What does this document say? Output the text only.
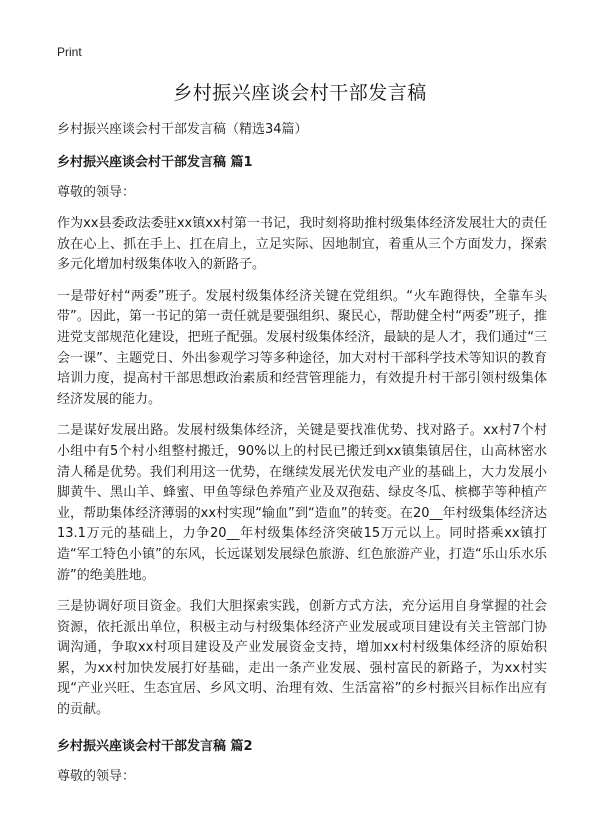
Print
乡村振兴座谈会村干部发言稿

乡村振兴座谈会村干部发言稿（精选34篇）

乡村振兴座谈会村干部发言稿 篇1

尊敬的领导：

作为xx县委政法委驻xx镇xx村第一书记，我时刻将助推村级集体经济发展壮大的责任放在心上、抓在手上、扛在肩上，立足实际、因地制宜，着重从三个方面发力，探索多元化增加村级集体收入的新路子。

一是带好村“两委”班子。发展村级集体经济关键在党组织。“火车跑得快，全靠车头带”。因此，第一书记的第一责任就是要强组织、聚民心，帮助健全村“两委”班子，推进党支部规范化建设，把班子配强。发展村级集体经济，最缺的是人才，我们通过“三会一课”、主题党日、外出参观学习等多种途径，加大对村干部科学技术等知识的教育培训力度，提高村干部思想政治素质和经营管理能力，有效提升村干部引领村级集体经济发展的能力。

二是谋好发展出路。发展村级集体经济，关键是要找准优势、找对路子。xx村7个村小组中有5个村小组整村搬迁，90%以上的村民已搬迁到xx镇集镇居住，山高林密水清人稀是优势。我们利用这一优势，在继续发展光伏发电产业的基础上，大力发展小脚黄牛、黑山羊、蜂蜜、甲鱼等绿色养殖产业及双孢菇、绿皮冬瓜、槟榔芋等种植产业，帮助集体经济薄弱的xx村实现“输血”到“造血”的转变。在20__年村级集体经济达13.1万元的基础上，力争20__年村级集体经济突破15万元以上。同时搭乘xx镇打造“军工特色小镇”的东风，长远谋划发展绿色旅游、红色旅游产业，打造“乐山乐水乐游”的绝美胜地。

三是协调好项目资金。我们大胆探索实践，创新方式方法，充分运用自身掌握的社会资源，依托派出单位，积极主动与村级集体经济产业发展或项目建设有关主管部门协调沟通，争取xx村项目建设及产业发展资金支持，增加xx村村级集体经济的原始积累，为xx村加快发展打好基础，走出一条产业发展、强村富民的新路子，为xx村实现“产业兴旺、生态宜居、乡风文明、治理有效、生活富裕”的乡村振兴目标作出应有的贡献。

乡村振兴座谈会村干部发言稿 篇2

尊敬的领导：
